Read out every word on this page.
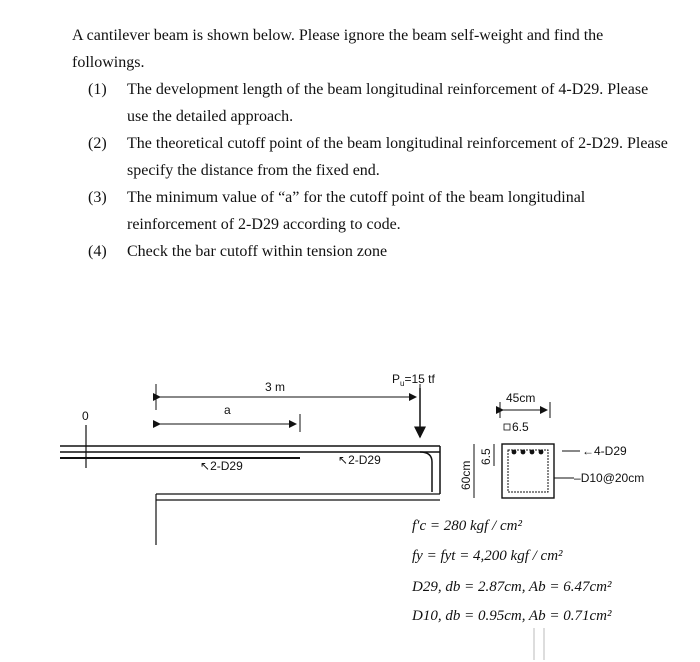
A cantilever beam is shown below. Please ignore the beam self-weight and find the followings.

(1) The development length of the beam longitudinal reinforcement of 4-D29. Please use the detailed approach.
(2) The theoretical cutoff point of the beam longitudinal reinforcement of 2-D29. Please specify the distance from the fixed end.
(3) The minimum value of “a” for the cutoff point of the beam longitudinal reinforcement of 2-D29 according to code.
(4) Check the bar cutoff within tension zone
0
3 m
a
$P_u=15$ tf
↖2-D29	↖2-D29
45cm
6.5
60cm
6.5	←4-D29
–D10@20cm
f′c = 280 kgf / cm²
fy = fyt = 4,200 kgf / cm²
D29, db = 2.87cm, Ab = 6.47cm²
D10, db = 0.95cm, Ab = 0.71cm²
